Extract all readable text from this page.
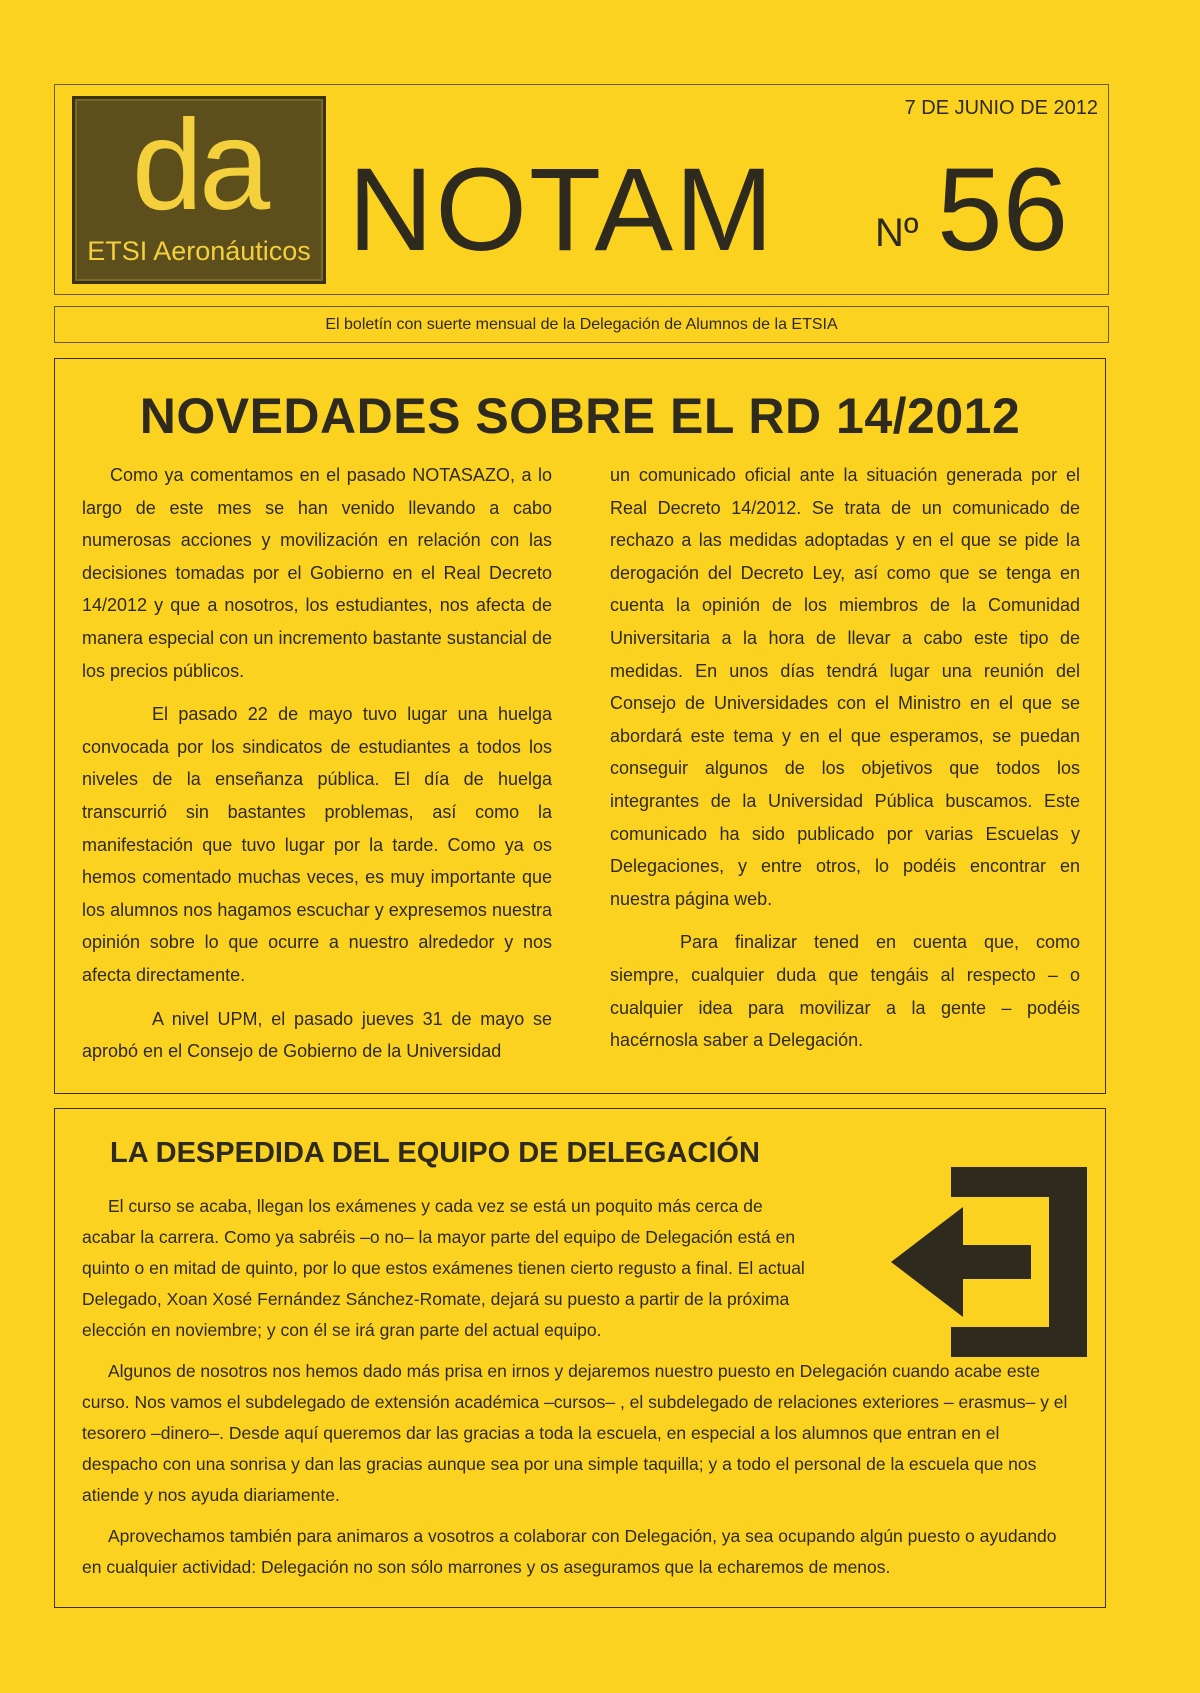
da
ETSI Aeronáuticos
7 DE JUNIO DE 2012
NOTAM Nº 56
El boletín con suerte mensual de la Delegación de Alumnos de la ETSIA
NOVEDADES SOBRE EL RD 14/2012

Como ya comentamos en el pasado NOTASAZO, a lo largo de este mes se han venido llevando a cabo numerosas acciones y movilización en relación con las decisiones tomadas por el Gobierno en el Real Decreto 14/2012 y que a nosotros, los estudiantes, nos afecta de manera especial con un incremento bastante sustancial de los precios públicos.

El pasado 22 de mayo tuvo lugar una huelga convocada por los sindicatos de estudiantes a todos los niveles de la enseñanza pública. El día de huelga transcurrió sin bastantes problemas, así como la manifestación que tuvo lugar por la tarde. Como ya os hemos comentado muchas veces, es muy importante que los alumnos nos hagamos escuchar y expresemos nuestra opinión sobre lo que ocurre a nuestro alrededor y nos afecta directamente.

A nivel UPM, el pasado jueves 31 de mayo se aprobó en el Consejo de Gobierno de la Universidad

un comunicado oficial ante la situación generada por el Real Decreto 14/2012. Se trata de un comunicado de rechazo a las medidas adoptadas y en el que se pide la derogación del Decreto Ley, así como que se tenga en cuenta la opinión de los miembros de la Comunidad Universitaria a la hora de llevar a cabo este tipo de medidas. En unos días tendrá lugar una reunión del Consejo de Universidades con el Ministro en el que se abordará este tema y en el que esperamos, se puedan conseguir algunos de los objetivos que todos los integrantes de la Universidad Pública buscamos. Este comunicado ha sido publicado por varias Escuelas y Delegaciones, y entre otros, lo podéis encontrar en nuestra página web.

Para finalizar tened en cuenta que, como siempre, cualquier duda que tengáis al respecto – o cualquier idea para movilizar a la gente – podéis hacérnosla saber a Delegación.

LA DESPEDIDA DEL EQUIPO DE DELEGACIÓN

El curso se acaba, llegan los exámenes y cada vez se está un poquito más cerca de acabar la carrera. Como ya sabréis –o no– la mayor parte del equipo de Delegación está en quinto o en mitad de quinto, por lo que estos exámenes tienen cierto regusto a final. El actual Delegado, Xoan Xosé Fernández Sánchez-Romate, dejará su puesto a partir de la próxima elección en noviembre; y con él se irá gran parte del actual equipo.

Algunos de nosotros nos hemos dado más prisa en irnos y dejaremos nuestro puesto en Delegación cuando acabe este curso. Nos vamos el subdelegado de extensión académica –cursos– , el subdelegado de relaciones exteriores – erasmus– y el tesorero –dinero–. Desde aquí queremos dar las gracias a toda la escuela, en especial a los alumnos que entran en el despacho con una sonrisa y dan las gracias aunque sea por una simple taquilla; y a todo el personal de la escuela que nos atiende y nos ayuda diariamente.

Aprovechamos también para animaros a vosotros a colaborar con Delegación, ya sea ocupando algún puesto o ayudando en cualquier actividad: Delegación no son sólo marrones y os aseguramos que la echaremos de menos.
